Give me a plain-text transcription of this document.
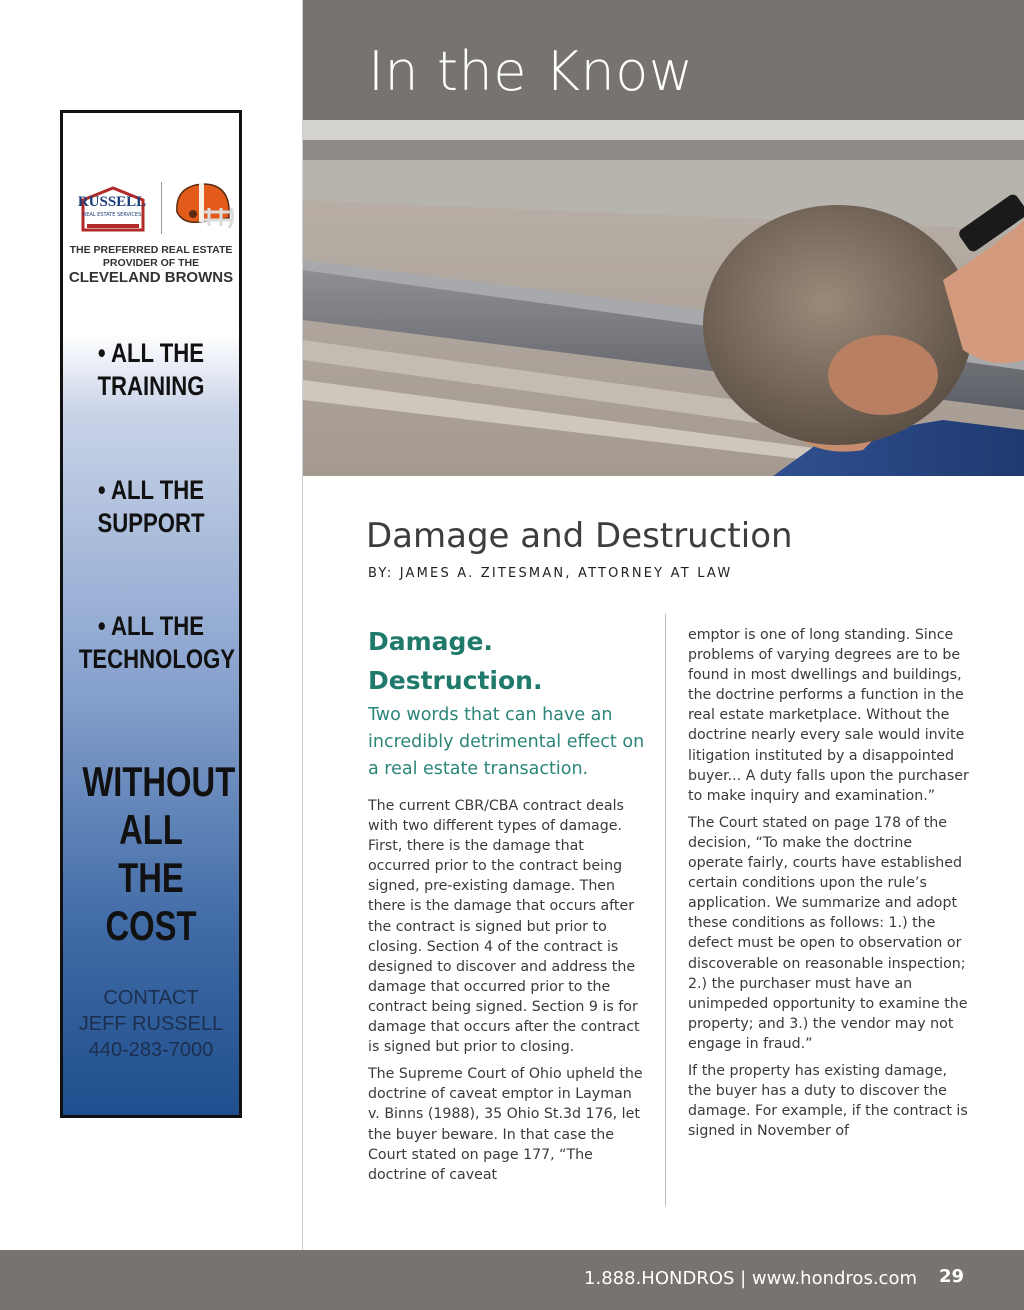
In the Know
RUSSELL
REAL ESTATE SERVICES
THE PREFERRED REAL ESTATE
PROVIDER OF THE
CLEVELAND BROWNS
• ALL THE
TRAINING
• ALL THE
SUPPORT
• ALL THE
TECHNOLOGY
WITHOUT
ALL
THE COST
CONTACT
JEFF RUSSELL
440-283-7000
Damage and Destruction
BY: JAMES A. ZITESMAN, ATTORNEY AT LAW

Damage.

Destruction.

Two words that can have an incredibly detrimental effect on a real estate transaction.

The current CBR/CBA contract deals with two different types of damage. First, there is the damage that occurred prior to the contract being signed, pre-existing damage. Then there is the damage that occurs after the contract is signed but prior to closing. Section 4 of the contract is designed to discover and address the damage that occurred prior to the contract being signed. Section 9 is for damage that occurs after the contract is signed but prior to closing.

The Supreme Court of Ohio upheld the doctrine of caveat emptor in Layman v. Binns (1988), 35 Ohio St.3d 176, let the buyer beware. In that case the Court stated on page 177, “The doctrine of caveat

emptor is one of long standing. Since problems of varying degrees are to be found in most dwellings and buildings, the doctrine performs a function in the real estate marketplace. Without the doctrine nearly every sale would invite litigation instituted by a disappointed buyer... A duty falls upon the purchaser to make inquiry and examination.”

The Court stated on page 178 of the decision, “To make the doctrine operate fairly, courts have established certain conditions upon the rule’s application. We summarize and adopt these conditions as follows: 1.) the defect must be open to observation or discoverable on reasonable inspection; 2.) the purchaser must have an unimpeded opportunity to examine the property; and 3.) the vendor may not engage in fraud.”

If the property has existing damage, the buyer has a duty to discover the damage. For example, if the contract is signed in November of

1.888.HONDROS | www.hondros.com 29
